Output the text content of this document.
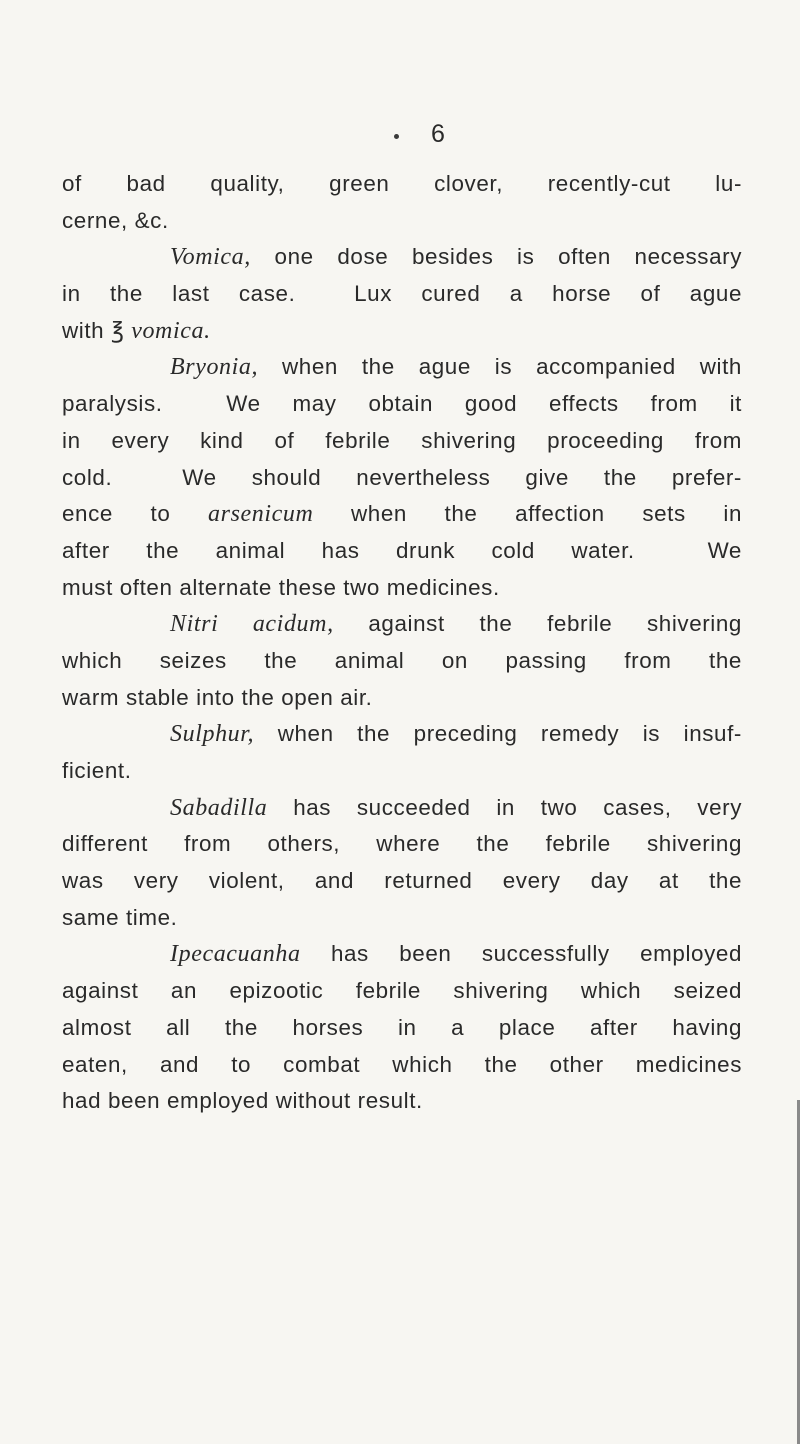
6
of bad quality, green clover, recently-cut lu-
cerne, &c.
Vomica, one dose besides is often necessary
in the last case.  Lux cured a horse of ague
with ℥ vomica.
Bryonia, when the ague is accompanied with
paralysis.  We may obtain good effects from it
in every kind of febrile shivering proceeding from
cold.  We should nevertheless give the prefer-
ence to arsenicum when the affection sets in
after the animal has drunk cold water.  We
must often alternate these two medicines.
Nitri acidum, against the febrile shivering
which seizes the animal on passing from the
warm stable into the open air.
Sulphur, when the preceding remedy is insuf-
ficient.
Sabadilla has succeeded in two cases, very
different from others, where the febrile shivering
was very violent, and returned every day at the
same time.
Ipecacuanha has been successfully employed
against an epizootic febrile shivering which seized
almost all the horses in a place after having
eaten, and to combat which the other medicines
had been employed without result.
